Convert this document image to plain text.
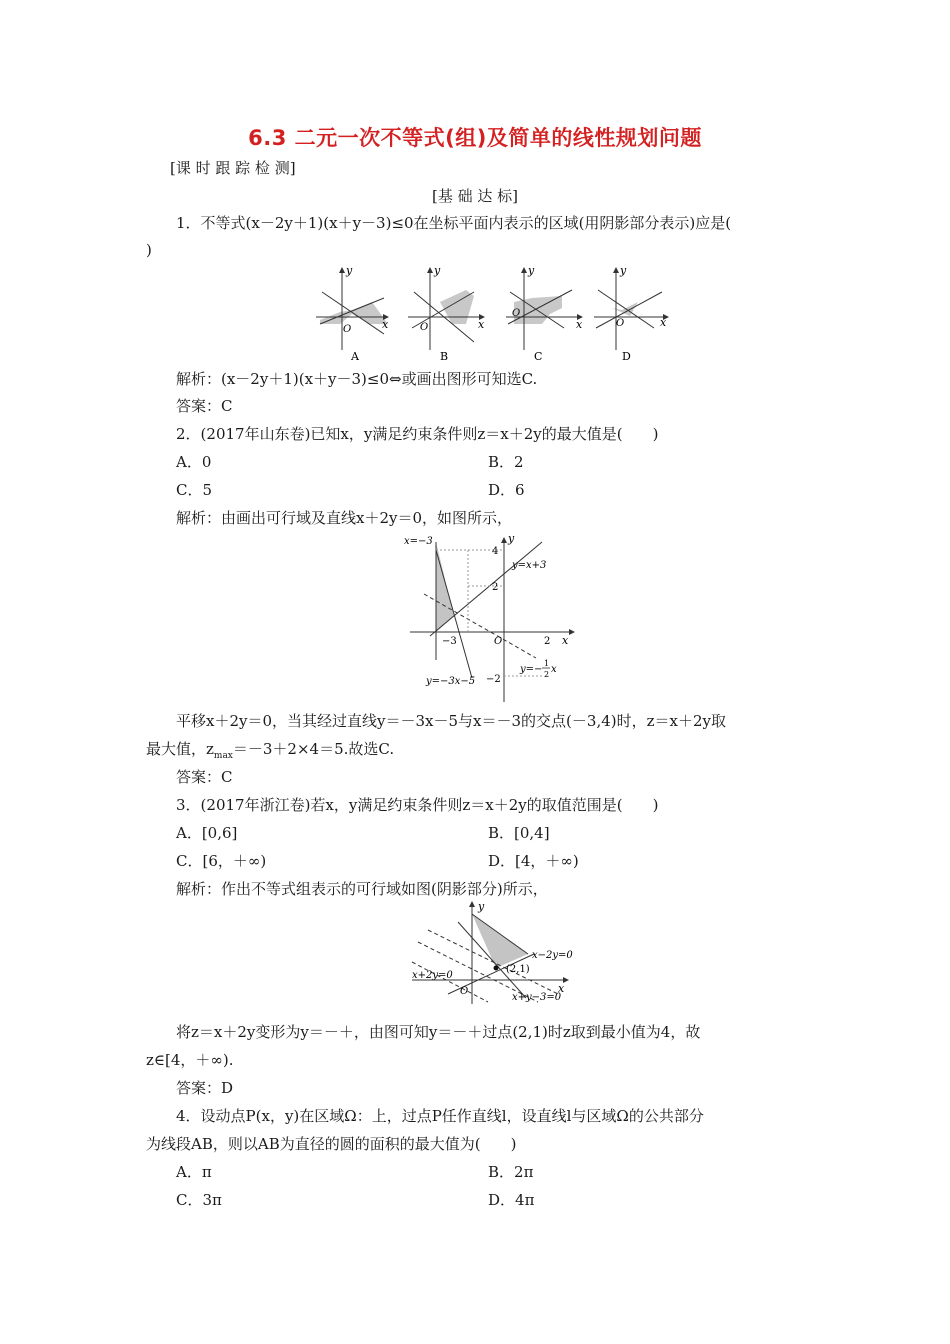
6.3 二元一次不等式(组)及简单的线性规划问题
[课 时 跟 踪 检 测]
[基 础 达 标]
1．不等式(x－2y＋1)(x＋y－3)≤0在坐标平面内表示的区域(用阴影部分表示)应是(
)
y
x
O
A
y
x
O
B
y
x
O
C
y
x
O
D
解析：(x－2y＋1)(x＋y－3)≤0⇔或画出图形可知选C.
答案：C
2．(2017年山东卷)已知x，y满足约束条件则z＝x＋2y的最大值是(　　)
A．0	B．2
C．5	D．6
解析：由画出可行域及直线x＋2y＝0，如图所示，
x=−3
y=x+3
y=−3x−5
y=−
1
2 x
4
2
−3	2
−2
O	x
y
平移x＋2y＝0，当其经过直线y＝－3x－5与x＝－3的交点(－3,4)时，z＝x＋2y取
最大值，$z_{max}=-3+2\times 4=5$.故选C.
答案：C
3．(2017年浙江卷)若x，y满足约束条件则z＝x＋2y的取值范围是(　　)
A．[0,6]	B．[0,4]
C．[6，＋∞)	D．[4，＋∞)
解析：作出不等式组表示的可行域如图(阴影部分)所示，
x−2y=0
(2,1)
x+2y=0
x+y−3=0
O	x
y
将z＝x＋2y变形为y＝－＋，由图可知y＝－＋过点(2,1)时z取到最小值为4，故
z∈[4，＋∞).
答案：D
4．设动点P(x，y)在区域Ω：上，过点P任作直线l，设直线l与区域Ω的公共部分
为线段AB，则以AB为直径的圆的面积的最大值为(　　)
A．π	B．2π
C．3π	D．4π
